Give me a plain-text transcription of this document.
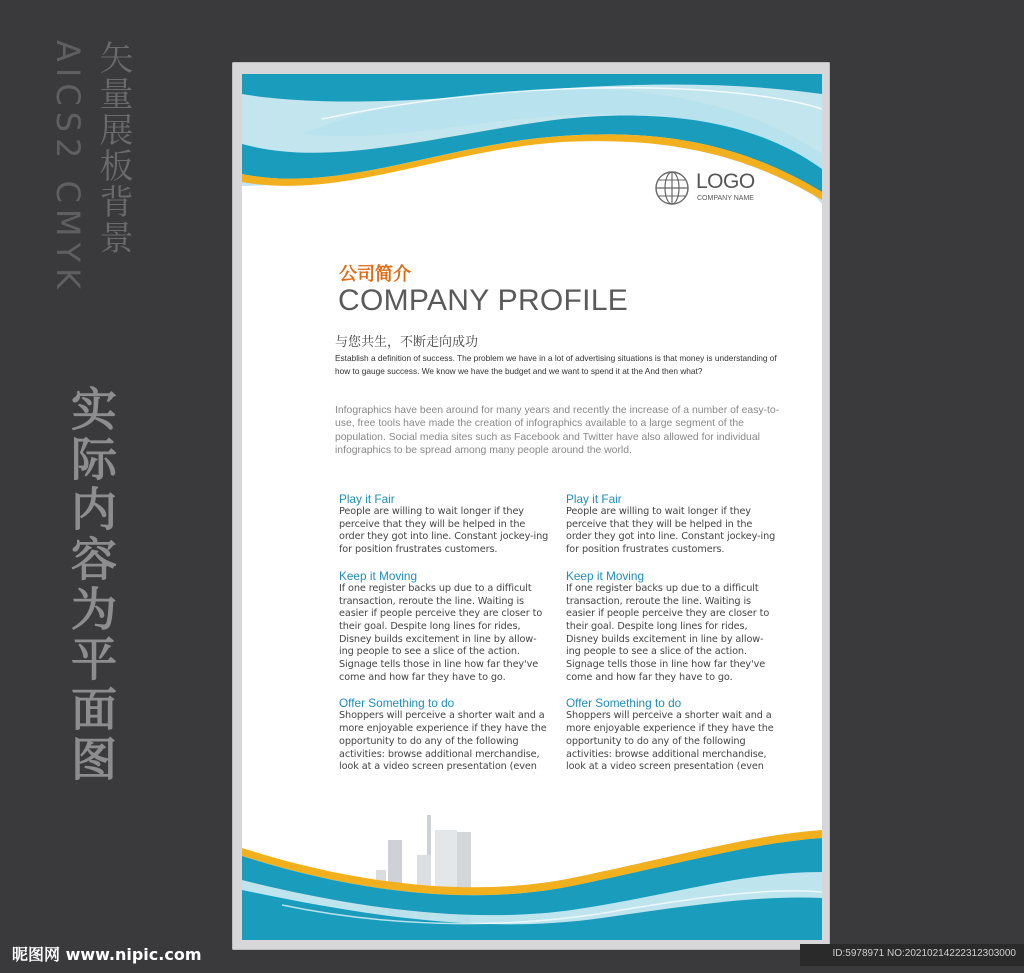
矢量展板背景
AICS2 CMYK
实际内容为平面图
LOGO
COMPANY NAME
公司简介
COMPANY PROFILE
与您共生，不断走向成功
Establish a definition of success. The problem we have in a lot of advertising situations is that money is understanding of how to gauge success. We know we have the budget and we want to spend it at the And then what?
Infographics have been around for many years and recently the increase of a number of easy-to-use, free tools have made the creation of infographics available to a large segment of the population. Social media sites such as Facebook and Twitter have also allowed for individual infographics to be spread among many people around the world.
Play it Fair
People are willing to wait longer if they perceive that they will be helped in the order they got into line. Constant jockey-ing for position frustrates customers.
Keep it Moving
If one register backs up due to a difficult transaction, reroute the line. Waiting is easier if people perceive they are closer to their goal. Despite long lines for rides, Disney builds excitement in line by allow-ing people to see a slice of the action. Signage tells those in line how far they've come and how far they have to go.
Offer Something to do
Shoppers will perceive a shorter wait and a more enjoyable experience if they have the opportunity to do any of the following activities: browse additional merchandise, look at a video screen presentation (even
Play it Fair
People are willing to wait longer if they perceive that they will be helped in the order they got into line. Constant jockey-ing for position frustrates customers.
Keep it Moving
If one register backs up due to a difficult transaction, reroute the line. Waiting is easier if people perceive they are closer to their goal. Despite long lines for rides, Disney builds excitement in line by allow-ing people to see a slice of the action. Signage tells those in line how far they've come and how far they have to go.
Offer Something to do
Shoppers will perceive a shorter wait and a more enjoyable experience if they have the opportunity to do any of the following activities: browse additional merchandise, look at a video screen presentation (even
昵图网 www.nipic.com	ID:5978971 NO:20210214222312303000
